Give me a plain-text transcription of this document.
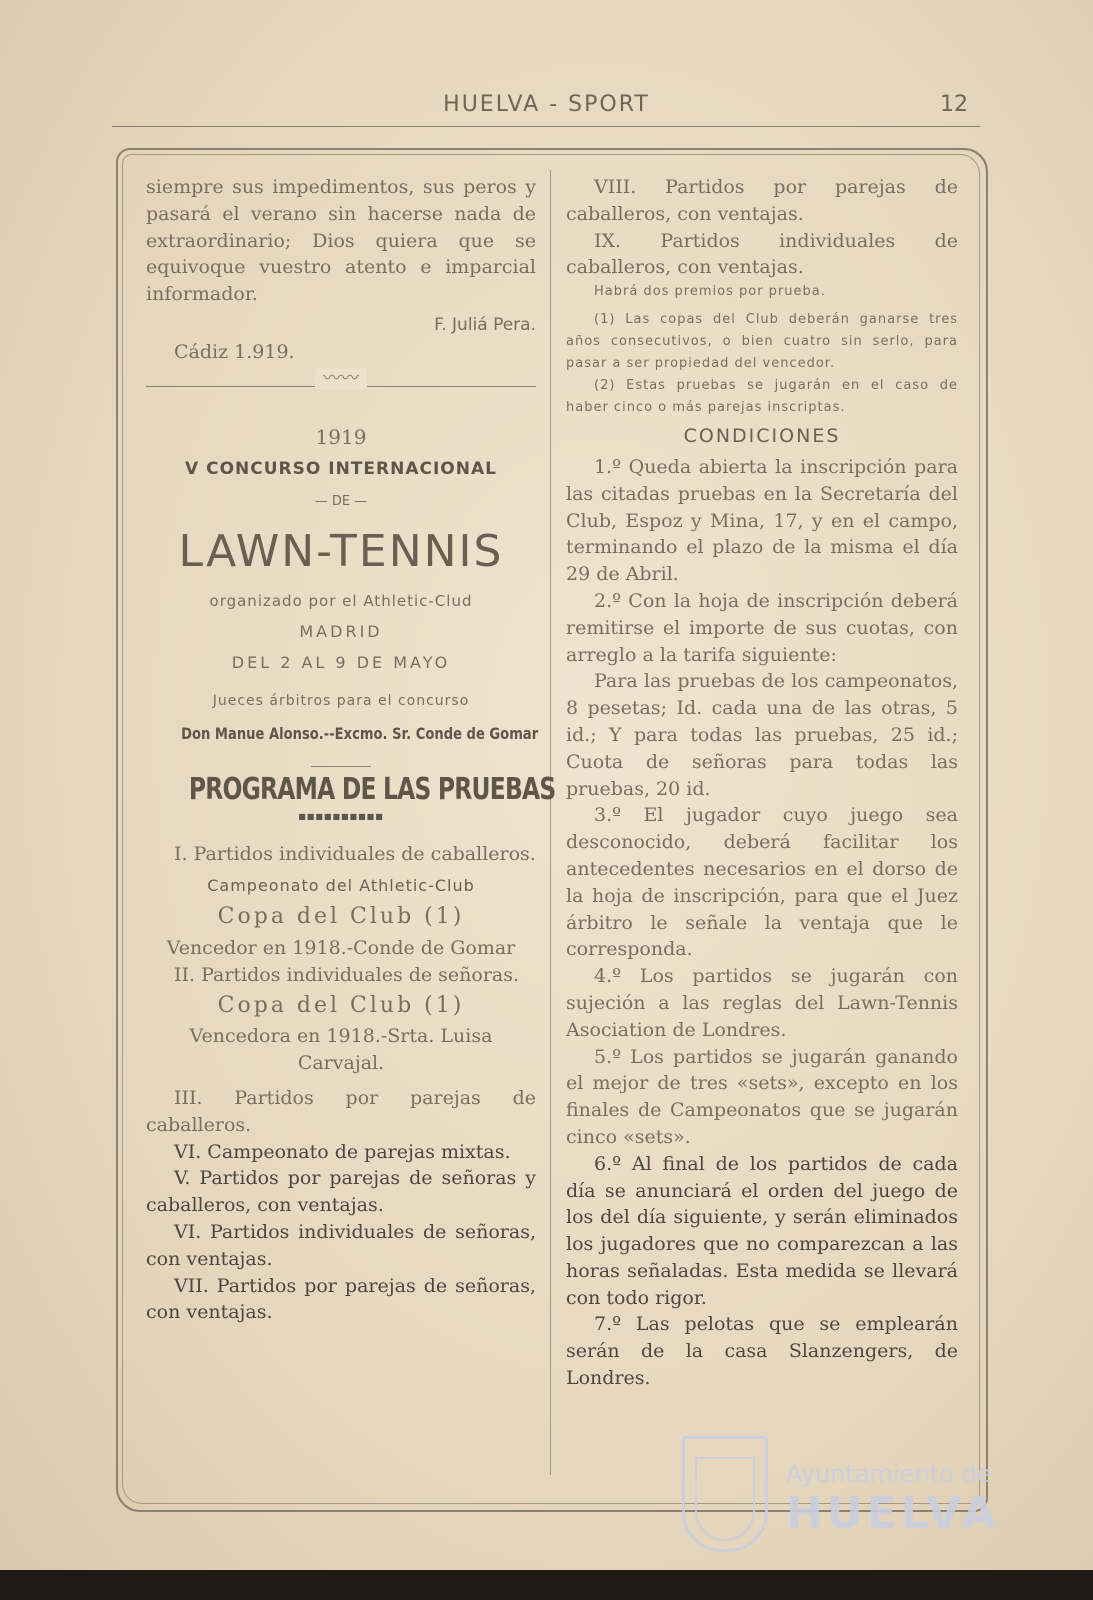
HUELVA - SPORT	12

siempre sus impedimentos, sus peros y pasará el verano sin hacerse nada de extraordinario; Dios quiera que se equivoque vuestro atento e imparcial informador.

F. Juliá Pera.

Cádiz 1.919.

〰〰

1919

V CONCURSO INTERNACIONAL

— DE —

LAWN-TENNIS

organizado por el Athletic-Clud

MADRID

DEL 2 AL 9 DE MAYO

Jueces árbitros para el concurso

Don Manue Alonso.--Excmo. Sr. Conde de Gomar

PROGRAMA DE LAS PRUEBAS

■■■■■■■■■■

I. Partidos individuales de caballeros.

Campeonato del Athletic-Club

Copa del Club (1)

Vencedor en 1918.-Conde de Gomar

II. Partidos individuales de señoras.

Copa del Club (1)

Vencedora en 1918.-Srta. Luisa Carvajal.

III. Partidos por parejas de caballeros.

VI. Campeonato de parejas mixtas.

V. Partidos por parejas de señoras y caballeros, con ventajas.

VI. Partidos individuales de señoras, con ventajas.

VII. Partidos por parejas de señoras, con ventajas.

VIII. Partidos por parejas de caballeros, con ventajas.

IX. Partidos individuales de caballeros, con ventajas.

Habrá dos premios por prueba.

(1) Las copas del Club deberán ganarse tres años consecutivos, o bien cuatro sin serlo, para pasar a ser propiedad del vencedor.

(2) Estas pruebas se jugarán en el caso de haber cinco o más parejas inscriptas.

CONDICIONES

1.º Queda abierta la inscripción para las citadas pruebas en la Secretaría del Club, Espoz y Mina, 17, y en el campo, terminando el plazo de la misma el día 29 de Abril.

2.º Con la hoja de inscripción deberá remitirse el importe de sus cuotas, con arreglo a la tarifa siguiente:

Para las pruebas de los campeonatos, 8 pesetas; Id. cada una de las otras, 5 id.; Y para todas las pruebas, 25 id.; Cuota de señoras para todas las pruebas, 20 id.

3.º El jugador cuyo juego sea desconocido, deberá facilitar los antecedentes necesarios en el dorso de la hoja de inscripción, para que el Juez árbitro le señale la ventaja que le corresponda.

4.º Los partidos se jugarán con sujeción a las reglas del Lawn-Tennis Asociation de Londres.

5.º Los partidos se jugarán ganando el mejor de tres «sets», excepto en los finales de Campeonatos que se jugarán cinco «sets».

6.º Al final de los partidos de cada día se anunciará el orden del juego de los del día siguiente, y serán eliminados los jugadores que no comparezcan a las horas señaladas. Esta medida se llevará con todo rigor.

7.º Las pelotas que se emplearán serán de la casa Slanzengers, de Londres.

Ayuntamiento de
HUELVA
